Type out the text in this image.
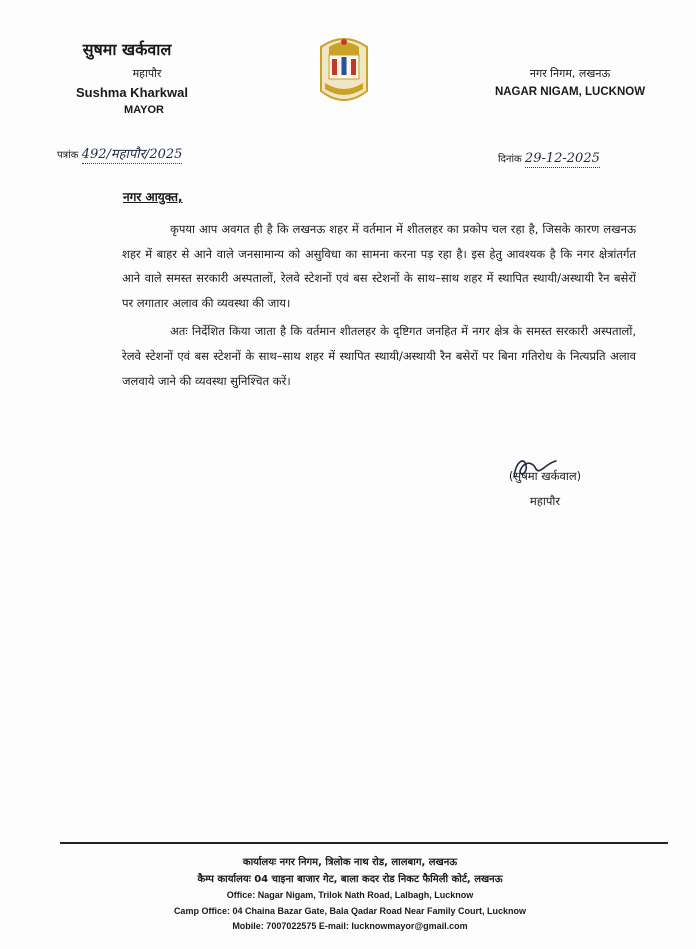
सुषमा खर्कवाल
महापौर
Sushma Kharkwal
MAYOR
नगर निगम, लखनऊ
NAGAR NIGAM, LUCKNOW
पत्रांक 492/महापौर/2025	दिनांक 29-12-2025
नगर आयुक्त,

कृपया आप अवगत ही है कि लखनऊ शहर में वर्तमान में शीतलहर का प्रकोप चल रहा है, जिसके कारण लखनऊ शहर में बाहर से आने वाले जनसामान्य को असुविधा का सामना करना पड़ रहा है। इस हेतु आवश्यक है कि नगर क्षेत्रांतर्गत आने वाले समस्त सरकारी अस्पतालों, रेलवे स्टेशनों एवं बस स्टेशनों के साथ–साथ शहर में स्थापित स्थायी/अस्थायी रैन बसेरों पर लगातार अलाव की व्यवस्था की जाय।

अतः निर्देशित किया जाता है कि वर्तमान शीतलहर के दृष्टिगत जनहित में नगर क्षेत्र के समस्त सरकारी अस्पतालों, रेलवे स्टेशनों एवं बस स्टेशनों के साथ–साथ शहर में स्थापित स्थायी/अस्थायी रैन बसेरों पर बिना गतिरोध के नित्यप्रति अलाव जलवाये जाने की व्यवस्था सुनिश्चित करें।

(सुषमा खर्कवाल)
महापौर
कार्यालयः नगर निगम, त्रिलोक नाथ रोड, लालबाग, लखनऊ
कैम्प कार्यालयः 04 चाइना बाजार गेट, बाला कदर रोड निकट फैमिली कोर्ट, लखनऊ
Office: Nagar Nigam, Trilok Nath Road, Lalbagh, Lucknow
Camp Office: 04 Chaina Bazar Gate, Bala Qadar Road Near Family Court, Lucknow
Mobile: 7007022575 E-mail: lucknowmayor@gmail.com
